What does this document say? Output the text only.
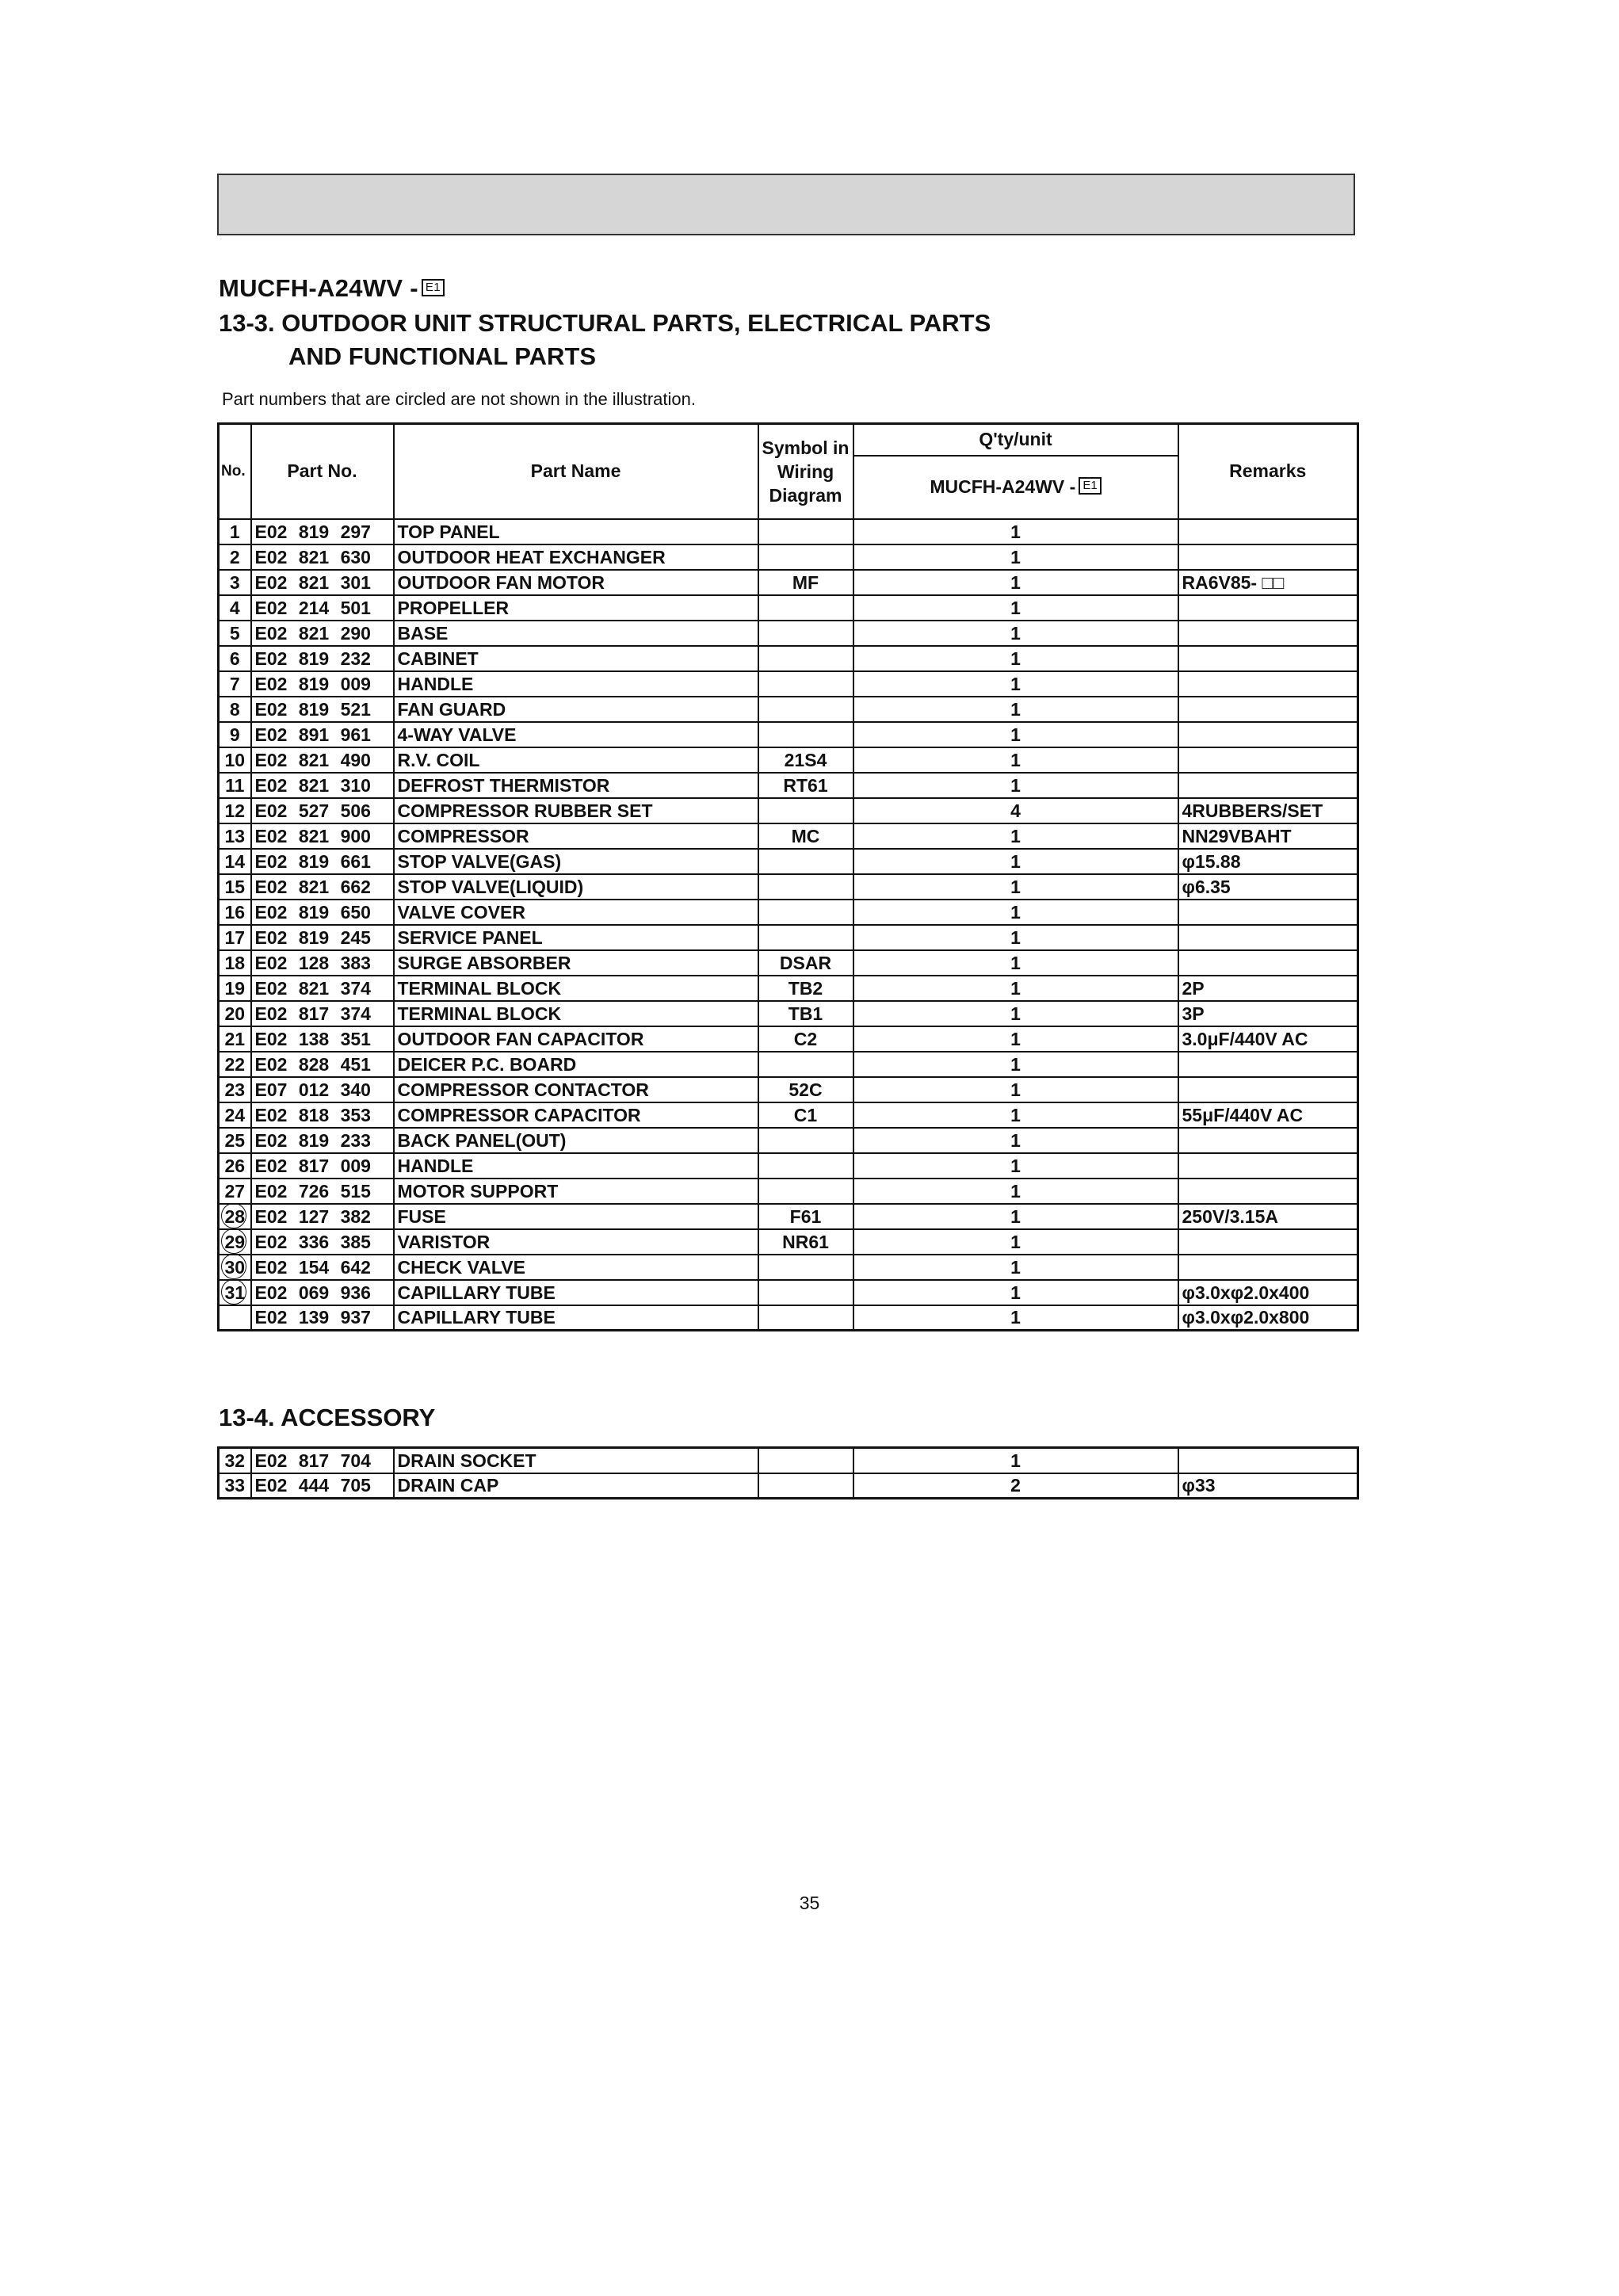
MUCFH-A24WV - E1
13-3. OUTDOOR UNIT STRUCTURAL PARTS, ELECTRICAL PARTS
AND FUNCTIONAL PARTS
Part numbers that are circled are not shown in the illustration.
No.	Part No.	Part Name	Symbol in Wiring Diagram	Q'ty/unit	Remarks
				MUCFH-A24WV - E1	
1	E02 819 297	TOP PANEL		1	
2	E02 821 630	OUTDOOR HEAT EXCHANGER		1	
3	E02 821 301	OUTDOOR FAN MOTOR	MF	1	RA6V85- □□
4	E02 214 501	PROPELLER		1	
5	E02 821 290	BASE		1	
6	E02 819 232	CABINET		1	
7	E02 819 009	HANDLE		1	
8	E02 819 521	FAN GUARD		1	
9	E02 891 961	4-WAY VALVE		1	
10	E02 821 490	R.V. COIL	21S4	1	
11	E02 821 310	DEFROST THERMISTOR	RT61	1	
12	E02 527 506	COMPRESSOR RUBBER SET		4	4RUBBERS/SET
13	E02 821 900	COMPRESSOR	MC	1	NN29VBAHT
14	E02 819 661	STOP VALVE(GAS)		1	φ15.88
15	E02 821 662	STOP VALVE(LIQUID)		1	φ6.35
16	E02 819 650	VALVE COVER		1	
17	E02 819 245	SERVICE PANEL		1	
18	E02 128 383	SURGE ABSORBER	DSAR	1	
19	E02 821 374	TERMINAL BLOCK	TB2	1	2P
20	E02 817 374	TERMINAL BLOCK	TB1	1	3P
21	E02 138 351	OUTDOOR FAN CAPACITOR	C2	1	3.0μF/440V AC
22	E02 828 451	DEICER P.C. BOARD		1	
23	E07 012 340	COMPRESSOR CONTACTOR	52C	1	
24	E02 818 353	COMPRESSOR CAPACITOR	C1	1	55μF/440V AC
25	E02 819 233	BACK PANEL(OUT)		1	
26	E02 817 009	HANDLE		1	
27	E02 726 515	MOTOR SUPPORT		1	
28	E02 127 382	FUSE	F61	1	250V/3.15A
29	E02 336 385	VARISTOR	NR61	1	
30	E02 154 642	CHECK VALVE		1	
31	E02 069 936	CAPILLARY TUBE		1	φ3.0xφ2.0x400
	E02 139 937	CAPILLARY TUBE		1	φ3.0xφ2.0x800
13-4. ACCESSORY
32	E02 817 704	DRAIN SOCKET		1	
33	E02 444 705	DRAIN CAP		2	φ33
35
